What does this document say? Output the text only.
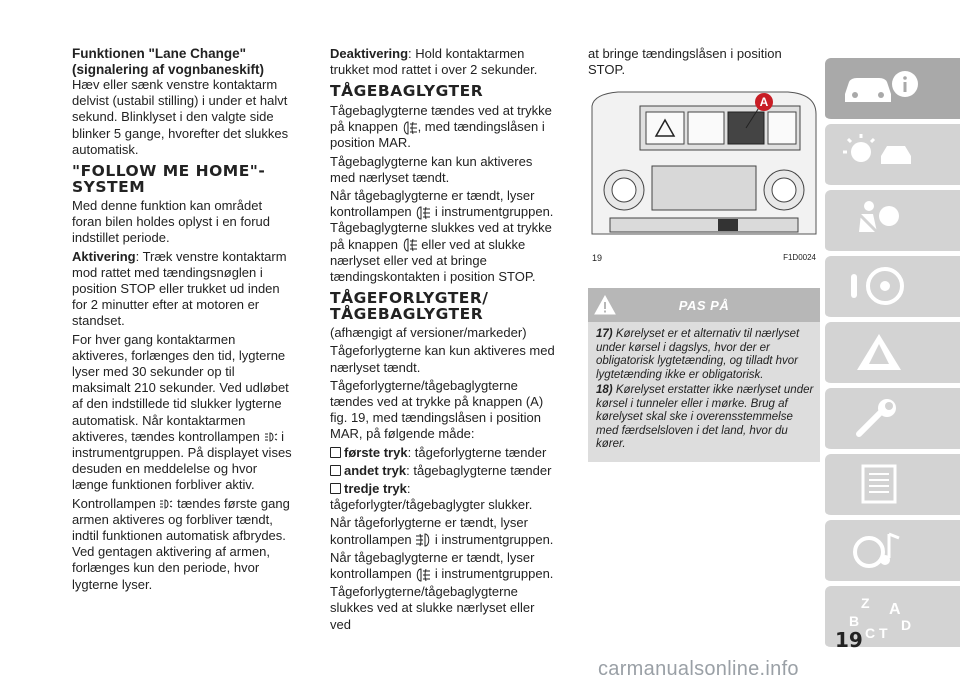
Funktionen "Lane Change" (signalering af vognbaneskift)

Hæv eller sænk venstre kontaktarm delvist (ustabil stilling) i under et halvt sekund. Blinklyset i den valgte side blinker 5 gange, hvorefter det slukkes automatisk.

"FOLLOW ME HOME"-SYSTEM

Med denne funktion kan området foran bilen holdes oplyst i en forud indstillet periode.

Aktivering: Træk venstre kontaktarm mod rattet med tændingsnøglen i position STOP eller trukket ud inden for 2 minutter efter at motoren er standset.

For hver gang kontaktarmen aktiveres, forlænges den tid, lygterne lyser med 30 sekunder op til maksimalt 210 sekunder. Ved udløbet af den indstillede tid slukker lygterne automatisk. Når kontaktarmen aktiveres, tændes kontrollampen i instrumentgruppen. På displayet vises desuden en meddelelse og hvor længe funktionen forbliver aktiv.

Kontrollampen tændes første gang armen aktiveres og forbliver tændt, indtil funktionen automatisk afbrydes. Ved gentagen aktivering af armen, forlænges kun den periode, hvor lygterne lyser.

Deaktivering: Hold kontaktarmen trukket mod rattet i over 2 sekunder.

TÅGEBAGLYGTER

Tågebaglygterne tændes ved at trykke på knappen , med tændingslåsen i position MAR.

Tågebaglygterne kan kun aktiveres med nærlyset tændt.

Når tågebaglygterne er tændt, lyser kontrollampen i instrumentgruppen. Tågebaglygterne slukkes ved at trykke på knappen eller ved at slukke nærlyset eller ved at bringe tændingskontakten i position STOP.

TÅGEFORLYGTER/ TÅGEBAGLYGTER

(afhængigt af versioner/markeder)

Tågeforlygterne kan kun aktiveres med nærlyset tændt.

Tågeforlygterne/tågebaglygterne tændes ved at trykke på knappen (A) fig. 19, med tændingslåsen i position MAR, på følgende måde:

første tryk: tågeforlygterne tænder

andet tryk: tågebaglygterne tænder

tredje tryk: tågeforlygter/tågebaglygter slukker.

Når tågeforlygterne er tændt, lyser kontrollampen i instrumentgruppen.

Når tågebaglygterne er tændt, lyser kontrollampen i instrumentgruppen.

Tågeforlygterne/tågebaglygterne slukkes ved at slukke nærlyset eller ved

at bringe tændingslåsen i position STOP.

A
19	F1D0024
PAS PÅ

17) Kørelyset er et alternativ til nærlyset under kørsel i dagslys, hvor der er obligatorisk lygtetænding, og tilladt hvor lygtetænding ikke er obligatorisk.

18) Kørelyset erstatter ikke nærlyset under kørsel i tunneler eller i mørke. Brug af kørelyset skal ske i overensstemmelse med færdselsloven i det land, hvor du kører.

Z A
B	D
C T
19
carmanualsonline.info
